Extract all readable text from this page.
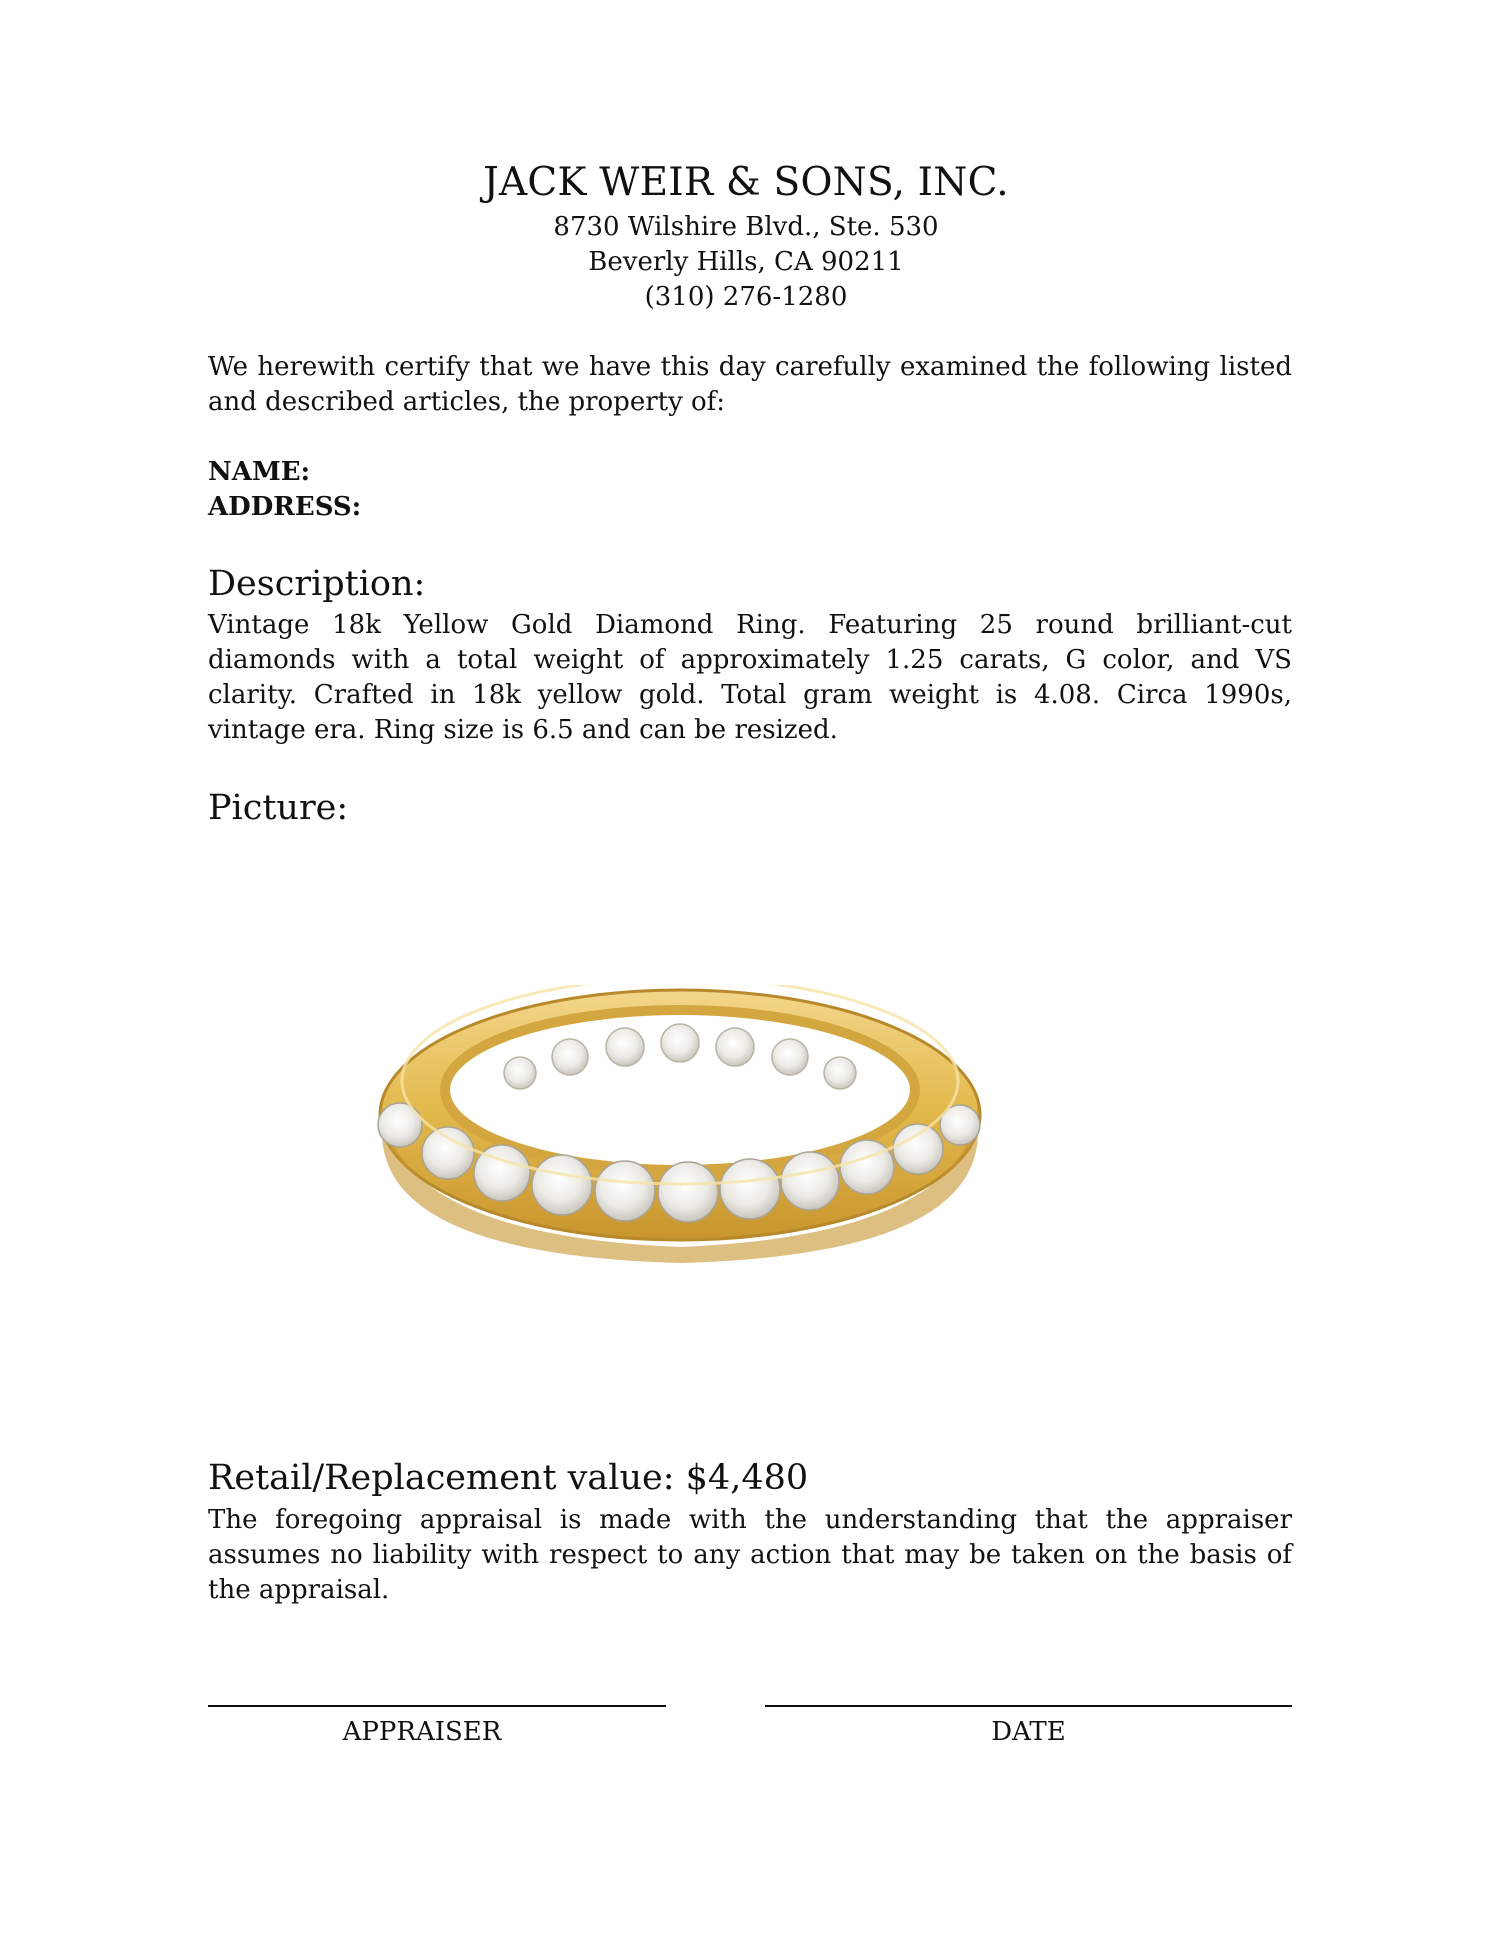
JACK WEIR & SONS, INC.
8730 Wilshire Blvd., Ste. 530
Beverly Hills, CA 90211
(310) 276-1280
We herewith certify that we have this day carefully examined the following listed and described articles, the property of:
NAME:
ADDRESS:
Description:
Vintage 18k Yellow Gold Diamond Ring. Featuring 25 round brilliant-cut diamonds with a total weight of approximately 1.25 carats, G color, and VS clarity. Crafted in 18k yellow gold. Total gram weight is 4.08. Circa 1990s, vintage era. Ring size is 6.5 and can be resized.
Picture:
Retail/Replacement value: $4,480
The foregoing appraisal is made with the understanding that the appraiser assumes no liability with respect to any action that may be taken on the basis of the appraisal.
APPRAISER	DATE
